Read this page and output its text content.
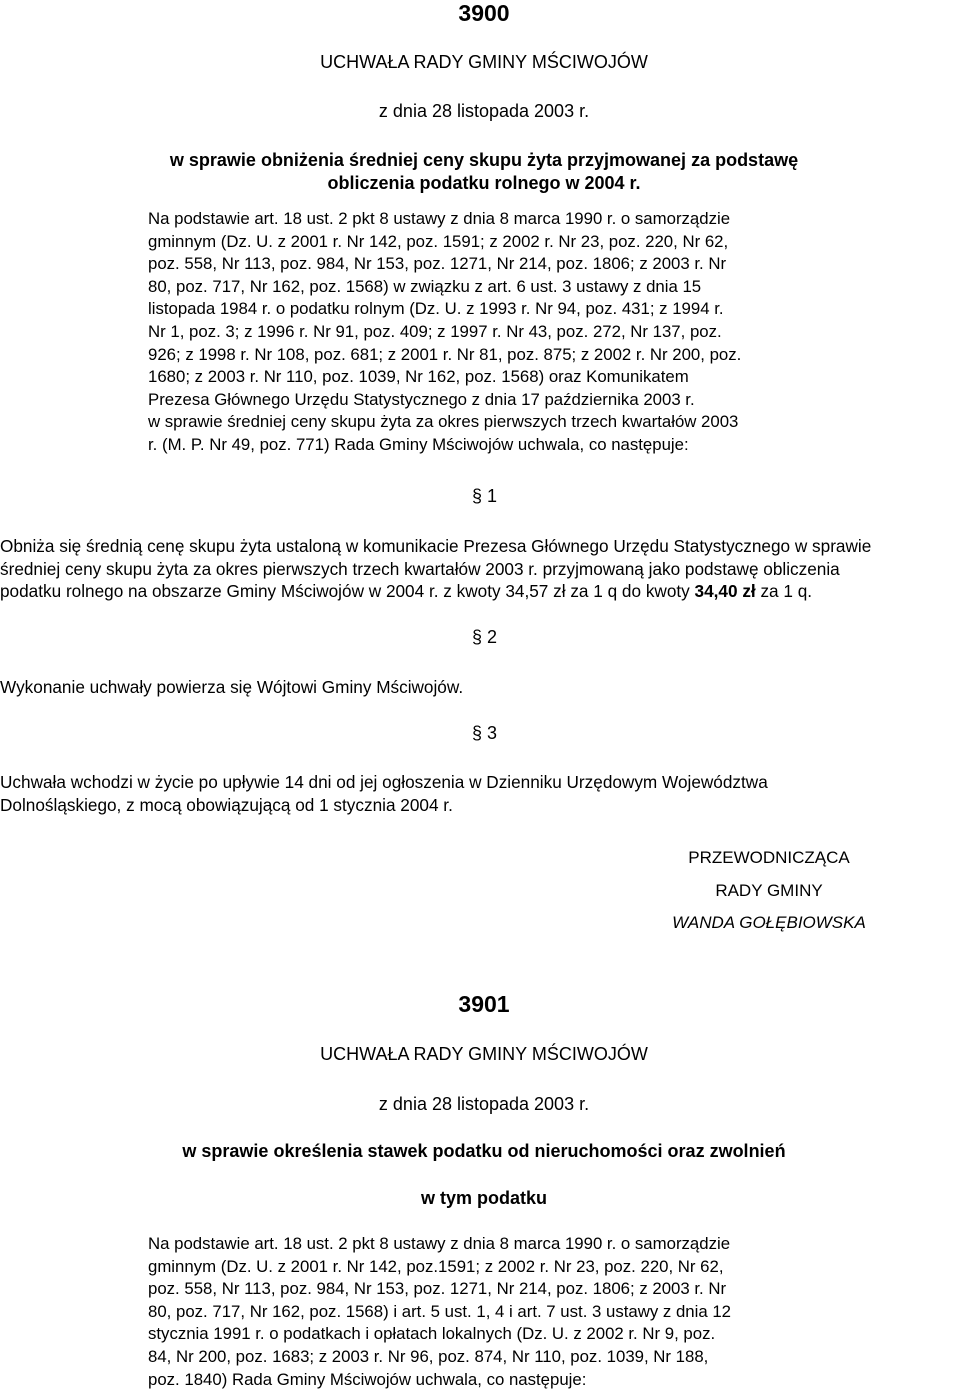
3900
UCHWAŁA RADY GMINY MŚCIWOJÓW
z dnia 28 listopada 2003 r.
w sprawie obniżenia średniej ceny skupu żyta przyjmowanej za podstawę
obliczenia podatku rolnego w 2004 r.
Na podstawie art. 18 ust. 2 pkt 8 ustawy z dnia 8 marca 1990 r. o samorządzie
gminnym (Dz. U. z 2001 r. Nr 142, poz. 1591; z 2002 r. Nr 23, poz. 220, Nr 62,
poz. 558, Nr 113, poz. 984, Nr 153, poz. 1271, Nr 214, poz. 1806; z 2003 r. Nr
80, poz. 717, Nr 162, poz. 1568) w związku z art. 6 ust. 3 ustawy z dnia 15
listopada 1984 r. o podatku rolnym (Dz. U. z 1993 r. Nr 94, poz. 431; z 1994 r.
Nr 1, poz. 3; z 1996 r. Nr 91, poz. 409; z 1997 r. Nr 43, poz. 272, Nr 137, poz.
926; z 1998 r. Nr 108, poz. 681; z 2001 r. Nr 81, poz. 875; z 2002 r. Nr 200, poz.
1680; z 2003 r. Nr 110, poz. 1039, Nr 162, poz. 1568) oraz Komunikatem
Prezesa Głównego Urzędu Statystycznego z dnia 17 października 2003 r.
w sprawie średniej ceny skupu żyta za okres pierwszych trzech kwartałów 2003
r. (M. P. Nr 49, poz. 771) Rada Gminy Mściwojów uchwala, co następuje:
§ 1
Obniża się średnią cenę skupu żyta ustaloną w komunikacie Prezesa Głównego Urzędu Statystycznego w sprawie
średniej ceny skupu żyta za okres pierwszych trzech kwartałów 2003 r. przyjmowaną jako podstawę obliczenia
podatku rolnego na obszarze Gminy Mściwojów w 2004 r. z kwoty 34,57 zł za 1 q do kwoty 34,40 zł za 1 q.
§ 2
Wykonanie uchwały powierza się Wójtowi Gminy Mściwojów.
§ 3
Uchwała wchodzi w życie po upływie 14 dni od jej ogłoszenia w Dzienniku Urzędowym Województwa
Dolnośląskiego, z mocą obowiązującą od 1 stycznia 2004 r.
PRZEWODNICZĄCA
RADY GMINY
WANDA GOŁĘBIOWSKA
3901
UCHWAŁA RADY GMINY MŚCIWOJÓW
z dnia 28 listopada 2003 r.
w sprawie określenia stawek podatku od nieruchomości oraz zwolnień
w tym podatku
Na podstawie art. 18 ust. 2 pkt 8 ustawy z dnia 8 marca 1990 r. o samorządzie
gminnym (Dz. U. z 2001 r. Nr 142, poz.1591; z 2002 r. Nr 23, poz. 220, Nr 62,
poz. 558, Nr 113, poz. 984, Nr 153, poz. 1271, Nr 214, poz. 1806; z 2003 r. Nr
80, poz. 717, Nr 162, poz. 1568) i art. 5 ust. 1, 4 i art. 7 ust. 3 ustawy z dnia 12
stycznia 1991 r. o podatkach i opłatach lokalnych (Dz. U. z 2002 r. Nr 9, poz.
84, Nr 200, poz. 1683; z 2003 r. Nr 96, poz. 874, Nr 110, poz. 1039, Nr 188,
poz. 1840) Rada Gminy Mściwojów uchwala, co następuje:
